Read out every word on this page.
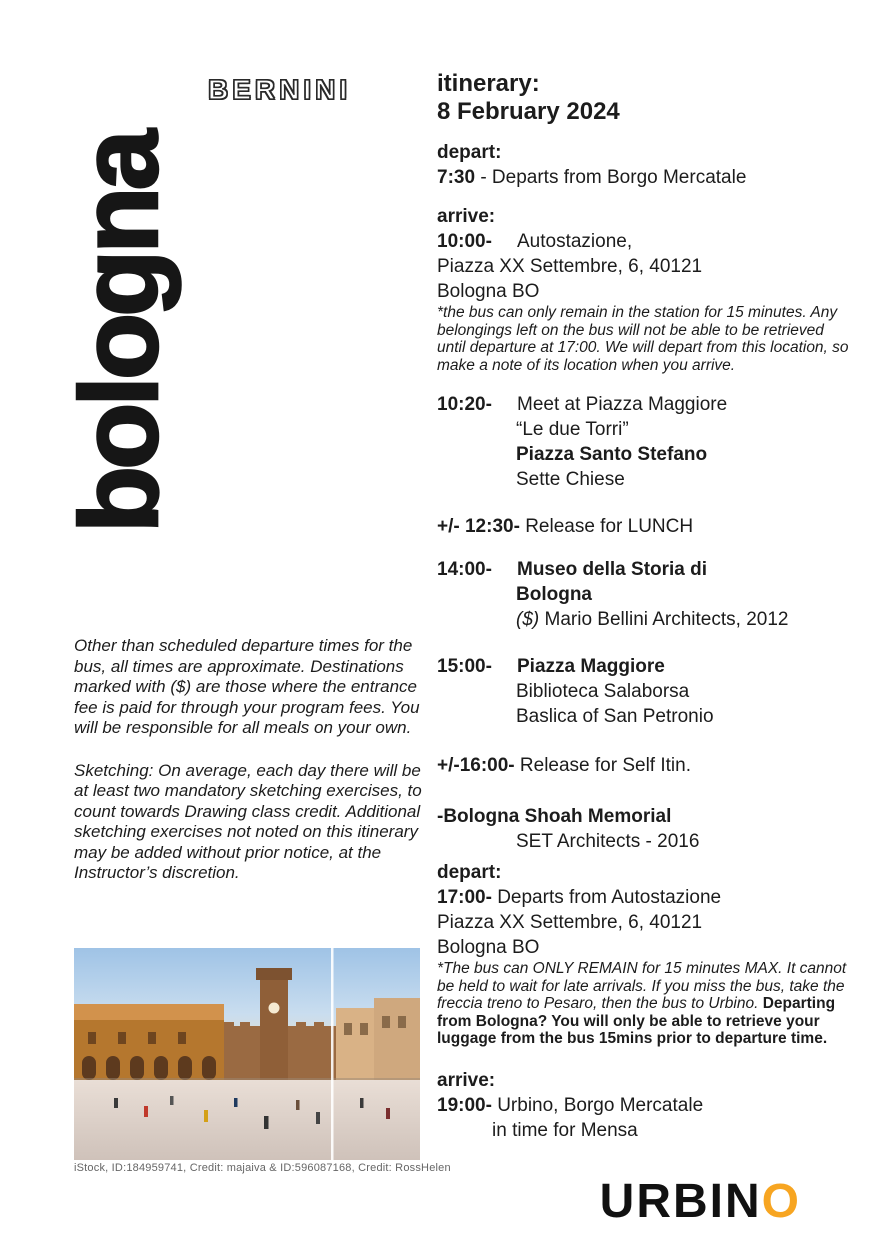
BERNINI
bologna
itinerary:
8 February 2024
depart:
7:30 - Departs from Borgo Mercatale
arrive:
10:00- Autostazione,
Piazza XX Settembre, 6, 40121
Bologna BO
*the bus can only remain in the station for 15 minutes. Any belongings left on the bus will not be able to be retrieved until departure at 17:00. We will depart from this location, so make a note of its location when you arrive.
10:20- Meet at Piazza Maggiore
“Le due Torri”
Piazza Santo Stefano
Sette Chiese
+/- 12:30- Release for LUNCH
14:00- Museo della Storia di
Bologna
($) Mario Bellini Architects, 2012
15:00- Piazza Maggiore
Biblioteca Salaborsa
Baslica of San Petronio
+/-16:00- Release for Self Itin.
-Bologna Shoah Memorial
SET Architects - 2016
depart:
17:00- Departs from Autostazione
Piazza XX Settembre, 6, 40121
Bologna BO
*The bus can ONLY REMAIN for 15 minutes MAX. It cannot be held to wait for late arrivals. If you miss the bus, take the freccia treno to Pesaro, then the bus to Urbino. Departing from Bologna? You will only be able to retrieve your luggage from the bus 15mins prior to departure time.
arrive:
19:00- Urbino, Borgo Mercatale
in time for Mensa

Other than scheduled departure times for the bus, all times are approximate. Destinations marked with ($) are those where the entrance fee is paid for through your program fees. You will be responsible for all meals on your own.

Sketching: On average, each day there will be at least two mandatory sketching exercises, to count towards Drawing class credit. Additional sketching exercises not noted on this itinerary may be added without prior notice, at the Instructor’s discretion.

iStock, ID:184959741, Credit: majaiva & ID:596087168, Credit: RossHelen
URBINO
